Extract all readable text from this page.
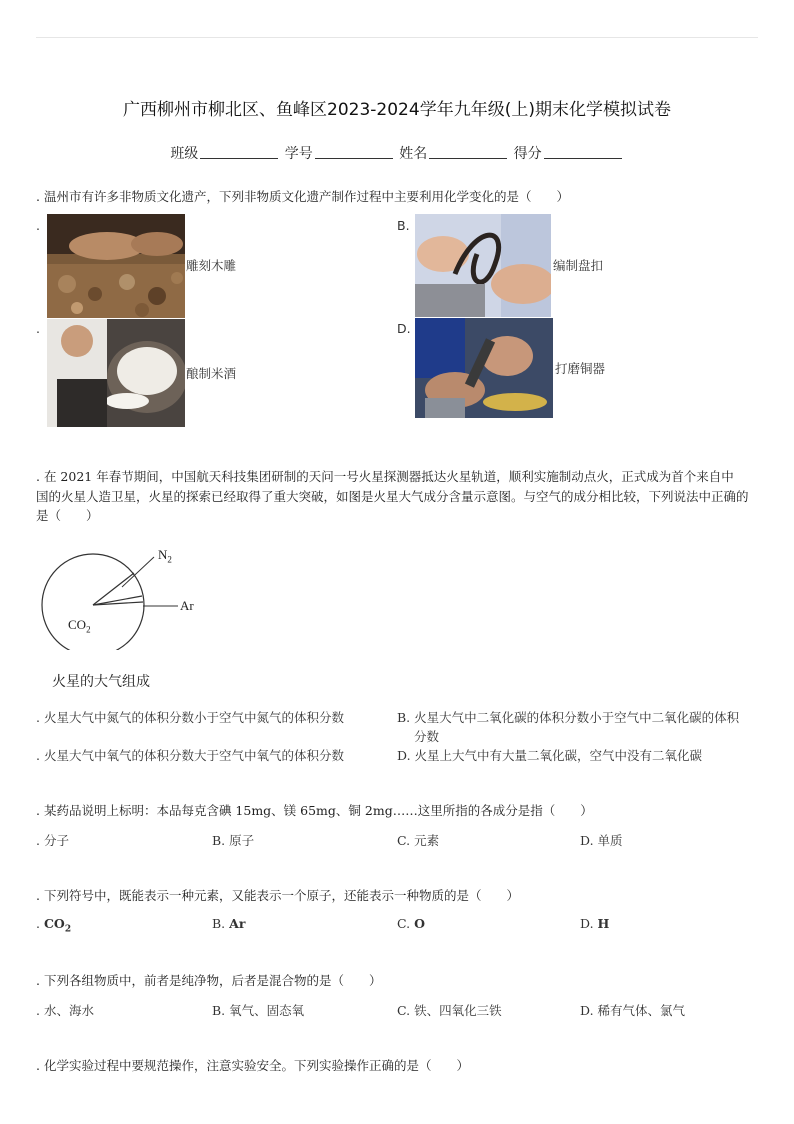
广西柳州市柳北区、鱼峰区2023-2024学年九年级(上)期末化学模拟试卷
班级	学号	姓名	得分
. 温州市有许多非物质文化遗产，下列非物质文化遗产制作过程中主要利用化学变化的是（　　）
.
雕刻木雕
B.
编制盘扣
.
酿制米酒
D.
打磨铜器
. 在 2021 年春节期间，中国航天科技集团研制的天问一号火星探测器抵达火星轨道，顺利实施制动点火，正式成为首个来自中
国的火星人造卫星，火星的探索已经取得了重大突破，如图是火星大气成分含量示意图。与空气的成分相比较，下列说法中正确的
是（　　）
$N_2$
Ar
$CO_2$
火星的大气组成
. 火星大气中氮气的体积分数小于空气中氮气的体积分数	B. 火星大气中二氧化碳的体积分数小于空气中二氧化碳的体积
分数
. 火星大气中氧气的体积分数大于空气中氧气的体积分数	D. 火星上大气中有大量二氧化碳，空气中没有二氧化碳
. 某药品说明上标明：本品每克含碘 15mg、镁 65mg、铜 2mg……这里所指的各成分是指（　　）
. 分子	B. 原子	C. 元素	D. 单质
. 下列符号中，既能表示一种元素，又能表示一个原子，还能表示一种物质的是（　　）
. $CO_2$	B. Ar	C. O	D. H
. 下列各组物质中，前者是纯净物，后者是混合物的是（　　）
. 水、海水	B. 氧气、固态氧	C. 铁、四氧化三铁	D. 稀有气体、氯气
. 化学实验过程中要规范操作，注意实验安全。下列实验操作正确的是（　　）
